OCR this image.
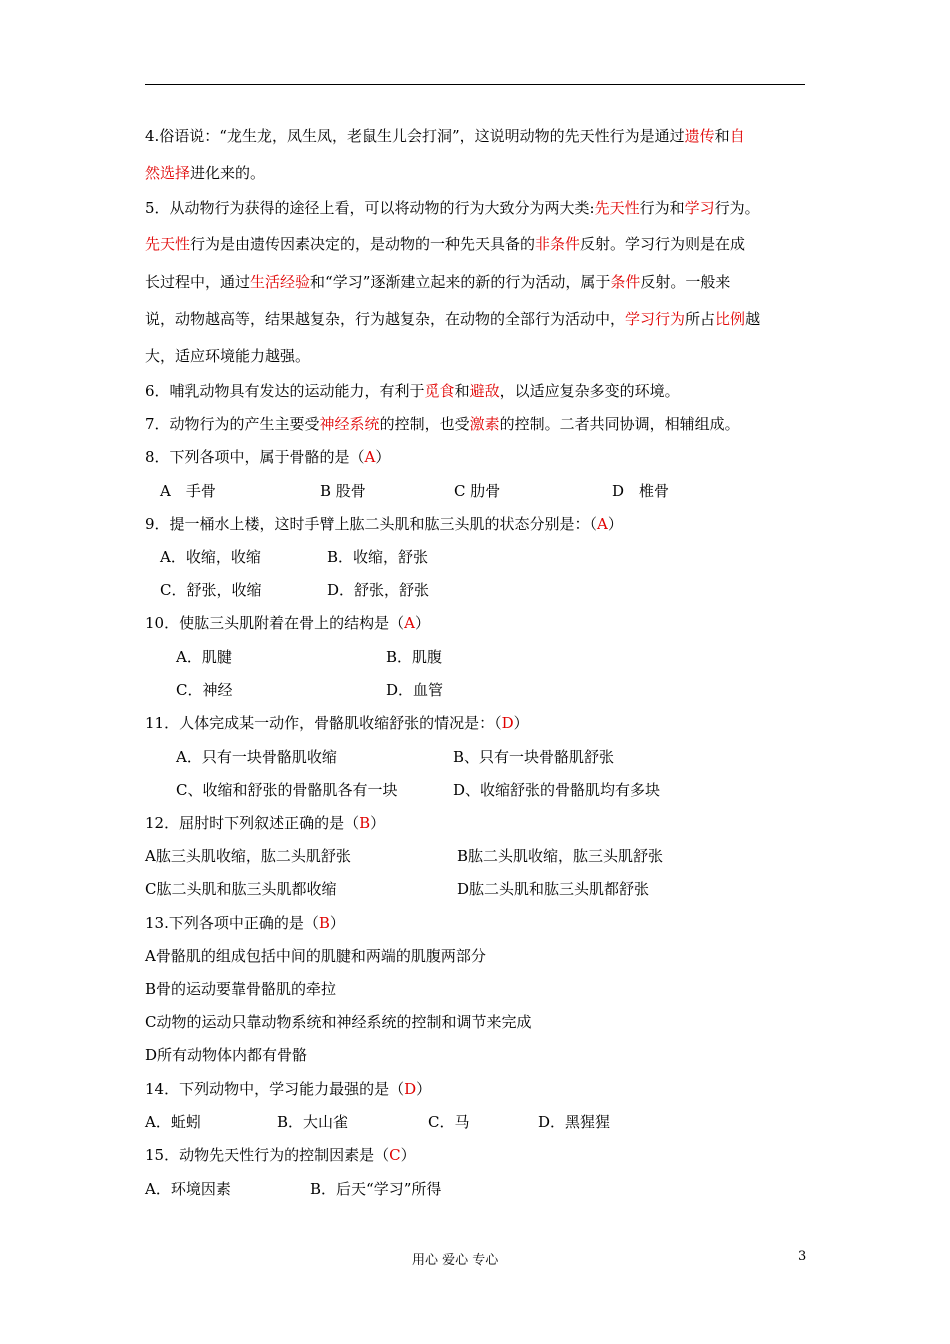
4.俗语说：“龙生龙，凤生凤，老鼠生儿会打洞”，这说明动物的先天性行为是通过遗传和自
然选择进化来的。
5．从动物行为获得的途径上看，可以将动物的行为大致分为两大类:先天性行为和学习行为。
先天性行为是由遗传因素决定的，是动物的一种先天具备的非条件反射。学习行为则是在成
长过程中，通过生活经验和“学习”逐渐建立起来的新的行为活动，属于条件反射。一般来
说，动物越高等，结果越复杂，行为越复杂，在动物的全部行为活动中，学习行为所占比例越
大，适应环境能力越强。
6．哺乳动物具有发达的运动能力，有利于觅食和避敌，以适应复杂多变的环境。
7．动物行为的产生主要受神经系统的控制，也受激素的控制。二者共同协调，相辅组成。
8．下列各项中，属于骨骼的是（A）
A　手骨	B 股骨	C 肋骨	D　椎骨
9．提一桶水上楼，这时手臂上肱二头肌和肱三头肌的状态分别是：（A）
A．收缩，收缩	B．收缩，舒张
C．舒张，收缩	D．舒张，舒张
10．使肱三头肌附着在骨上的结构是（A）
A．肌腱	B．肌腹
C．神经	D．血管
11．人体完成某一动作，骨骼肌收缩舒张的情况是：（D）
A．只有一块骨骼肌收缩	B、只有一块骨骼肌舒张
C、收缩和舒张的骨骼肌各有一块	D、收缩舒张的骨骼肌均有多块
12．屈肘时下列叙述正确的是（B）
A肱三头肌收缩，肱二头肌舒张	B肱二头肌收缩，肱三头肌舒张
C肱二头肌和肱三头肌都收缩	D肱二头肌和肱三头肌都舒张
13.下列各项中正确的是（B）
A骨骼肌的组成包括中间的肌腱和两端的肌腹两部分
B骨的运动要靠骨骼肌的牵拉
C动物的运动只靠动物系统和神经系统的控制和调节来完成
D所有动物体内都有骨骼
14．下列动物中，学习能力最强的是（D）
A．蚯蚓	B．大山雀	C．马	D．黑猩猩
15．动物先天性行为的控制因素是（C）
A．环境因素	B．后天“学习”所得
用心 爱心 专心	3
